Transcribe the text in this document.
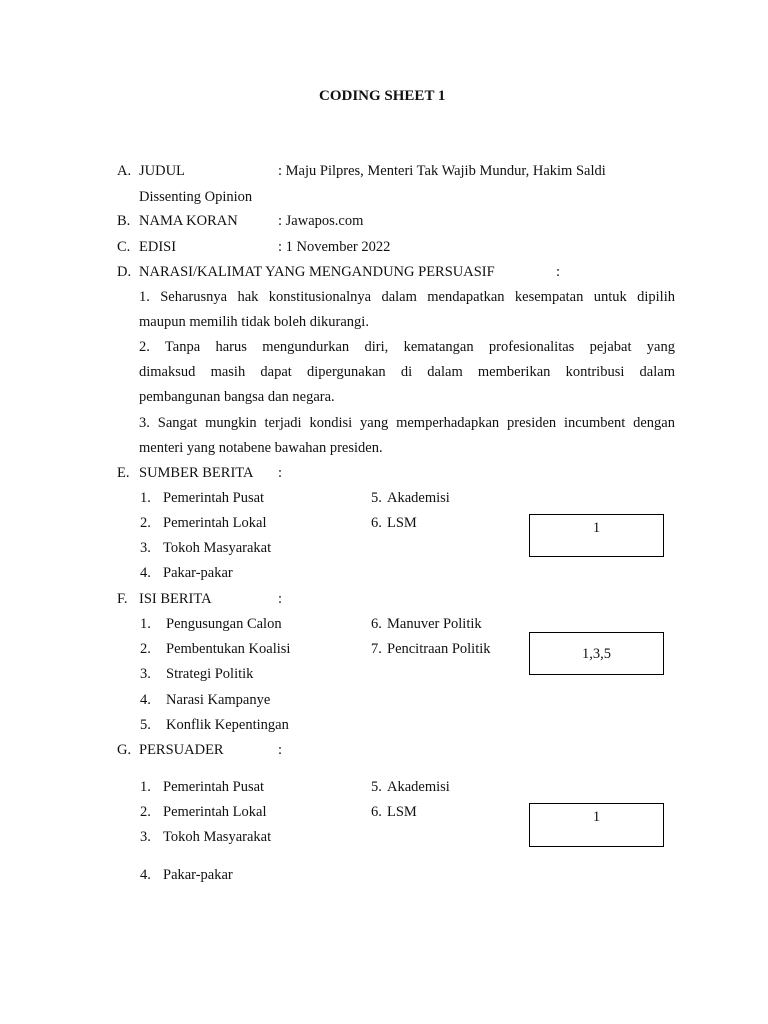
CODING SHEET 1
A. JUDUL	: Maju Pilpres, Menteri Tak Wajib Mundur, Hakim Saldi
Dissenting Opinion
B. NAMA KORAN	: Jawapos.com
C. EDISI	: 1 November 2022
D. NARASI/KALIMAT YANG MENGANDUNG PERSUASIF	:
1. Seharusnya hak konstitusionalnya dalam mendapatkan kesempatan untuk dipilih
maupun memilih tidak boleh dikurangi.
2. Tanpa harus mengundurkan diri, kematangan profesionalitas pejabat yang
dimaksud masih dapat dipergunakan di dalam memberikan kontribusi dalam
pembangunan bangsa dan negara.
3. Sangat mungkin terjadi kondisi yang memperhadapkan presiden incumbent dengan
menteri yang notabene bawahan presiden.
E. SUMBER BERITA :
1. Pemerintah Pusat
2. Pemerintah Lokal
3. Tokoh Masyarakat
4. Pakar-pakar
5. Akademisi
6. LSM	1
F. ISI BERITA	:
1. Pengusungan Calon
2. Pembentukan Koalisi
3. Strategi Politik
4. Narasi Kampanye
5. Konflik Kepentingan
6. Manuver Politik
7. Pencitraan Politik	1,3,5
G. PERSUADER	:
1. Pemerintah Pusat
2. Pemerintah Lokal
3. Tokoh Masyarakat
4. Pakar-pakar
5. Akademisi
6. LSM	1
